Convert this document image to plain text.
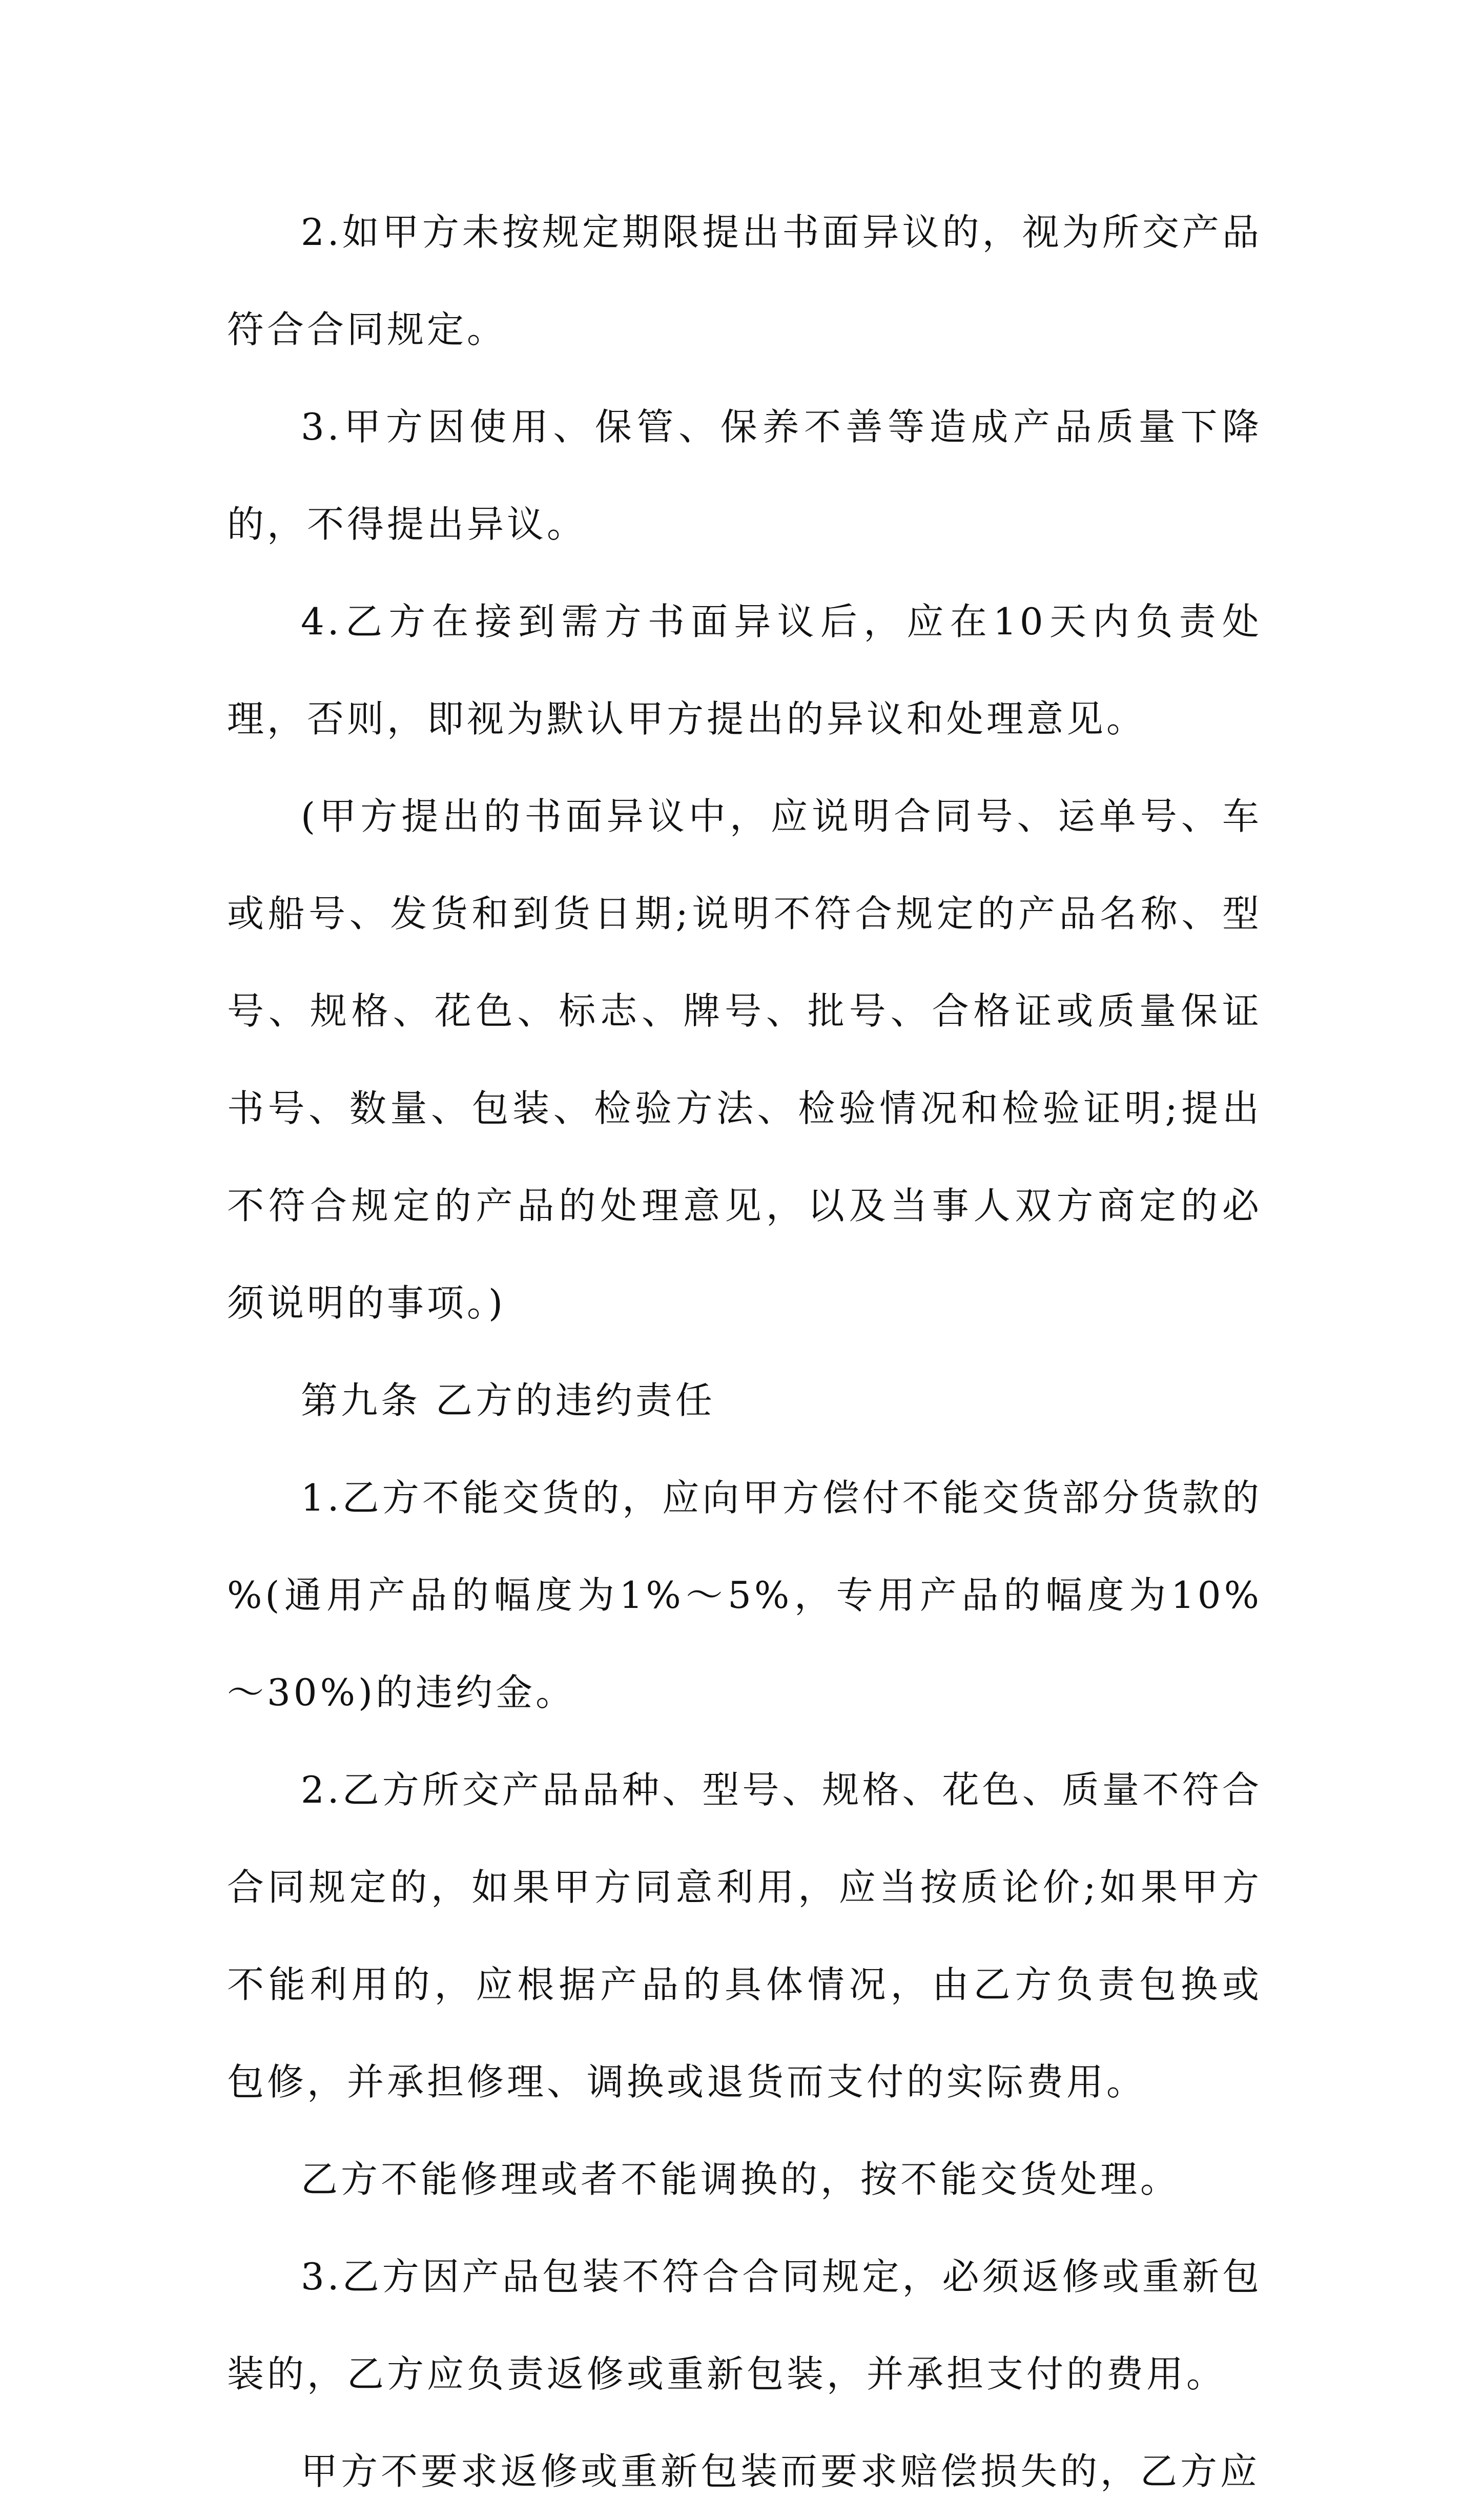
2.如甲方未按规定期限提出书面异议的，视为所交产品符合合同规定。

3.甲方因使用、保管、保养不善等造成产品质量下降的，不得提出异议。

4.乙方在接到需方书面异议后，应在10天内负责处理，否则，即视为默认甲方提出的异议和处理意见。

(甲方提出的书面异议中，应说明合同号、运单号、车或船号、发货和到货日期;说明不符合规定的产品名称、型号、规格、花色、标志、牌号、批号、合格证或质量保证书号、数量、包装、检验方法、检验情况和检验证明;提出不符合规定的产品的处理意见，以及当事人双方商定的必须说明的事项。)

第九条 乙方的违约责任

1.乙方不能交货的，应向甲方偿付不能交货部分货款的 %(通用产品的幅度为1%～5%，专用产品的幅度为10%～30%)的违约金。

2.乙方所交产品品种、型号、规格、花色、质量不符合合同规定的，如果甲方同意利用，应当按质论价;如果甲方不能利用的，应根据产品的具体情况，由乙方负责包换或包修，并承担修理、调换或退货而支付的实际费用。

乙方不能修理或者不能调换的，按不能交货处理。

3.乙方因产品包装不符合合同规定，必须返修或重新包装的，乙方应负责返修或重新包装，并承担支付的费用。

甲方不要求返修或重新包装而要求赔偿损失的，乙方应
